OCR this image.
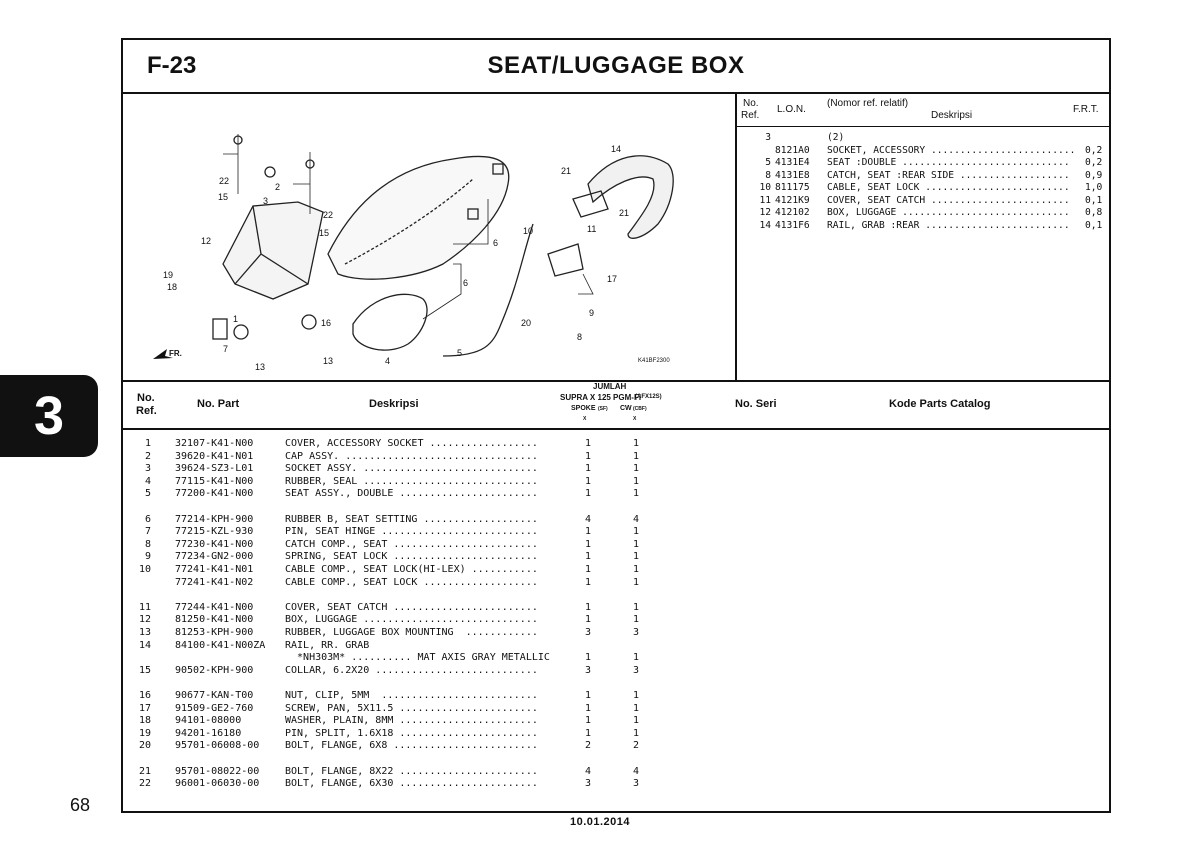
3
68
10.01.2014
F-23	SEAT/LUGGAGE BOX
1
2
3
4
5
6
6
7
8
9
10	11
12
13
13
14
15
15
16
17
18
19
20
21
21
22
22
K41BF2300
FR.
No.
Ref.
L.O.N.
(Nomor ref. relatif)
Deskripsi
F.R.T.
3	(2)
8121A0 SOCKET, ACCESSORY ......................... 0,2
5 4131E4 SEAT :DOUBLE ............................. 0,2
8 4131E8 CATCH, SEAT :REAR SIDE ................... 0,9
10 811175 CABLE, SEAT LOCK ......................... 1,0
11 4121K9 COVER, SEAT CATCH ........................ 0,1
12 412102 BOX, LUGGAGE ............................. 0,8
14 4131F6 RAIL, GRAB :REAR ......................... 0,1
No.
Ref.
No. Part	Deskripsi
JUMLAH
SUPRA X 125 PGM-FI
(AFX12S)
SPOKE (SF) CW (CBF)
X	X
No. Seri	Kode Parts Catalog
1 32107-K41-N00	COVER, ACCESSORY SOCKET ..................	1	1
2 39620-K41-N01	CAP ASSY. ................................	1	1
3 39624-SZ3-L01	SOCKET ASSY. .............................	1	1
4 77115-K41-N00	RUBBER, SEAL .............................	1	1
5 77200-K41-N00	SEAT ASSY., DOUBLE .......................	1	1
6 77214-KPH-900	RUBBER B, SEAT SETTING ...................	4	4
7 77215-KZL-930	PIN, SEAT HINGE ..........................	1	1
8 77230-K41-N00	CATCH COMP., SEAT ........................	1	1
9 77234-GN2-000	SPRING, SEAT LOCK ........................	1	1
10 77241-K41-N01	CABLE COMP., SEAT LOCK(HI-LEX) ...........	1	1
77241-K41-N02	CABLE COMP., SEAT LOCK ...................	1	1
11 77244-K41-N00	COVER, SEAT CATCH ........................	1	1
12 81250-K41-N00	BOX, LUGGAGE .............................	1	1
13 81253-KPH-900	RUBBER, LUGGAGE BOX MOUNTING  ............	3	3
14 84100-K41-N00ZA RAIL, RR. GRAB
*NH303M* .......... MAT AXIS GRAY METALLIC	1	1
15 90502-KPH-900	COLLAR, 6.2X20 ...........................	3	3
16 90677-KAN-T00	NUT, CLIP, 5MM  ..........................	1	1
17 91509-GE2-760	SCREW, PAN, 5X11.5 .......................	1	1
18 94101-08000	WASHER, PLAIN, 8MM .......................	1	1
19 94201-16180	PIN, SPLIT, 1.6X18 .......................	1	1
20 95701-06008-00	BOLT, FLANGE, 6X8 ........................	2	2
21 95701-08022-00	BOLT, FLANGE, 8X22 .......................	4	4
22 96001-06030-00	BOLT, FLANGE, 6X30 .......................	3	3
